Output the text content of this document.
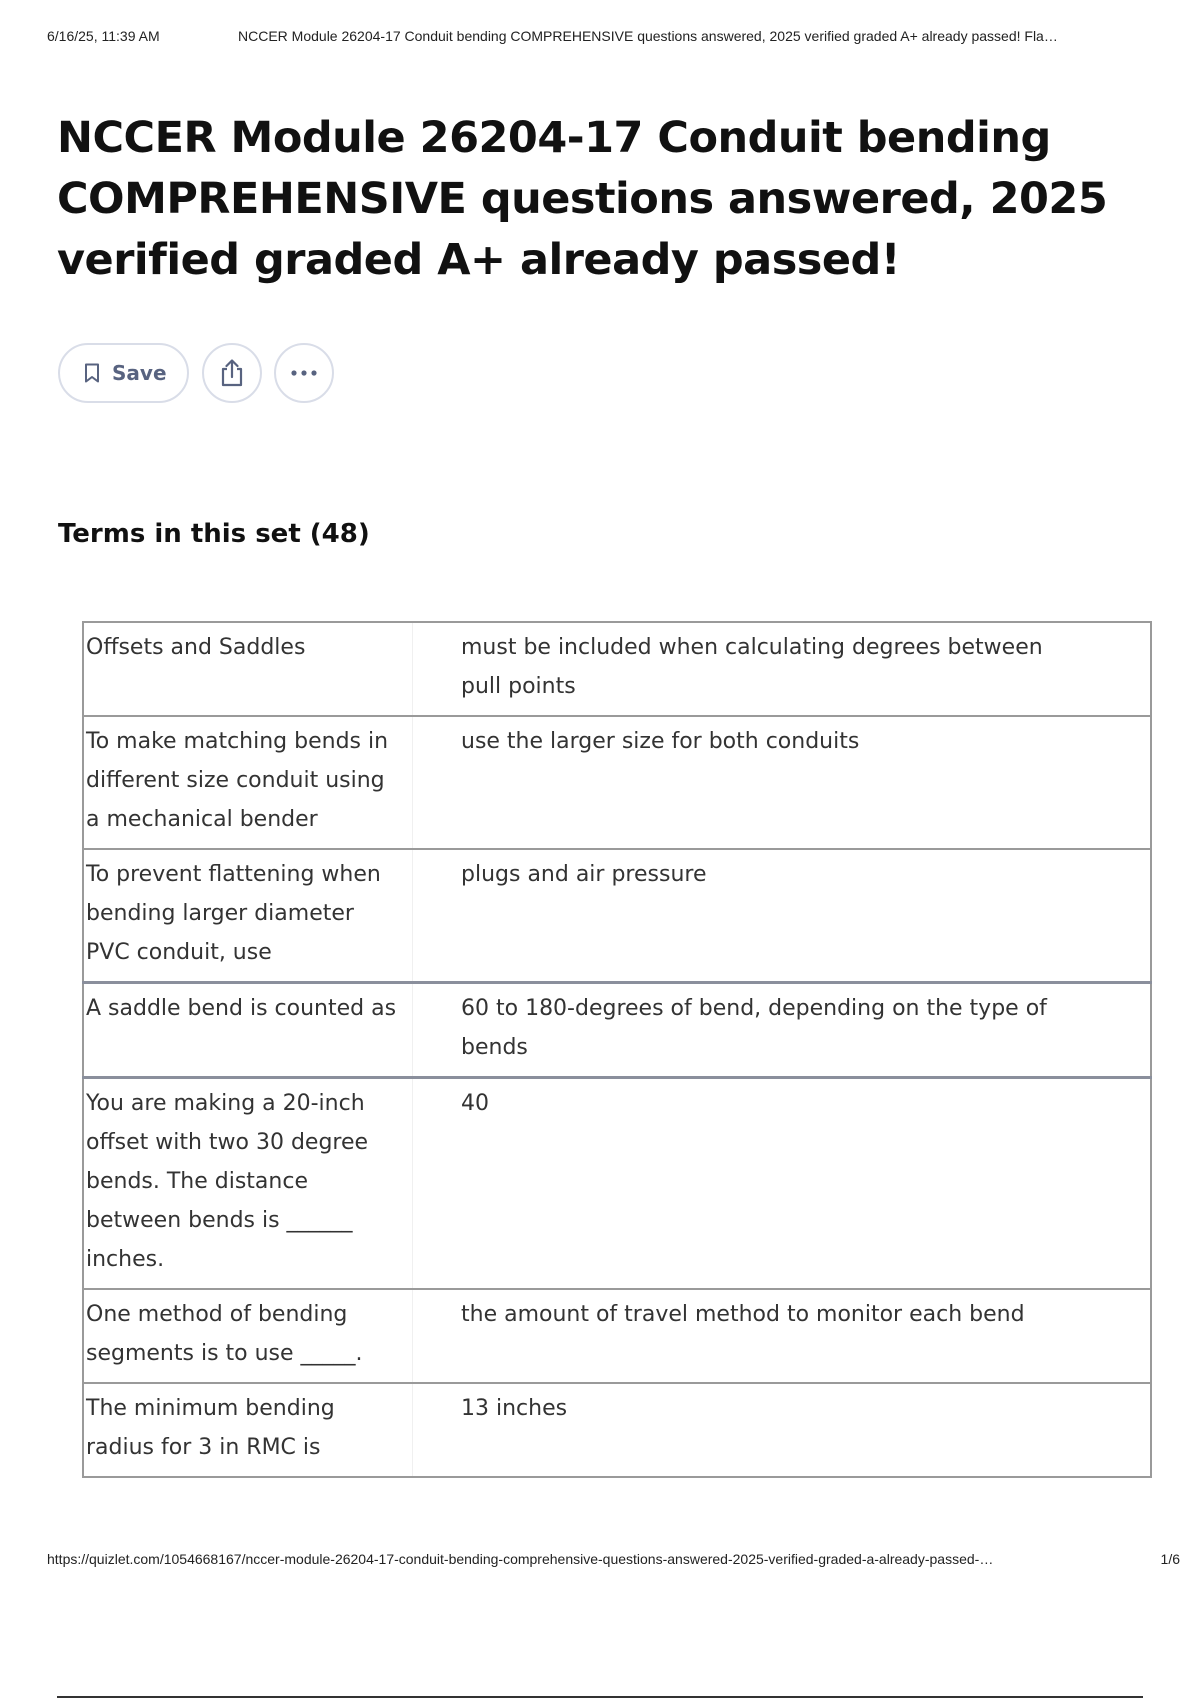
6/16/25, 11:39 AM	NCCER Module 26204-17 Conduit bending COMPREHENSIVE questions answered, 2025 verified graded A+ already passed! Fla…
NCCER Module 26204-17 Conduit bending COMPREHENSIVE questions answered, 2025 verified graded A+ already passed!
Save
Terms in this set (48)
Offsets and Saddles	must be included when calculating degrees between pull points
To make matching bends in different size conduit using a mechanical bender	use the larger size for both conduits
To prevent flattening when bending larger diameter PVC conduit, use	plugs and air pressure
A saddle bend is counted as	60 to 180-degrees of bend, depending on the type of bends
You are making a 20-inch offset with two 30 degree bends. The distance between bends is ______ inches.	40
One method of bending segments is to use _____.	the amount of travel method to monitor each bend
The minimum bending radius for 3 in RMC is	13 inches
https://quizlet.com/1054668167/nccer-module-26204-17-conduit-bending-comprehensive-questions-answered-2025-verified-graded-a-already-passed-…	1/6
